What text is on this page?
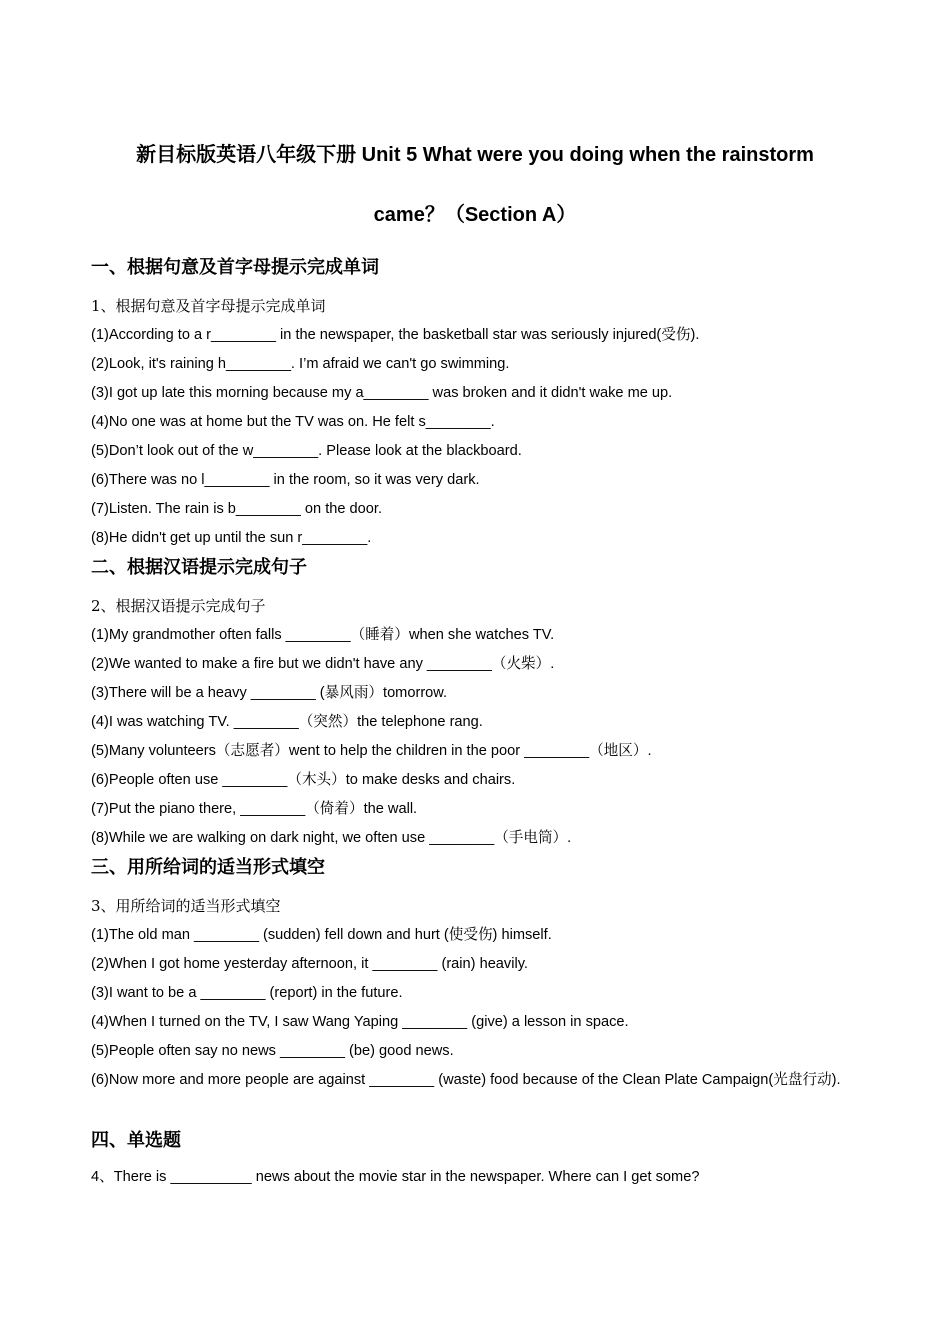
新目标版英语八年级下册 Unit 5 What were you doing when the rainstorm
came？（Section A）
一、根据句意及首字母提示完成单词
1、根据句意及首字母提示完成单词
(1)According to a r________ in the newspaper, the basketball star was seriously injured(受伤).
(2)Look, it's raining h________. I’m afraid we can't go swimming.
(3)I got up late this morning because my a________ was broken and it didn't wake me up.
(4)No one was at home but the TV was on. He felt s________.
(5)Don’t look out of the w________. Please look at the blackboard.
(6)There was no l________ in the room, so it was very dark.
(7)Listen. The rain is b________ on the door.
(8)He didn't get up until the sun r________.
二、根据汉语提示完成句子
2、根据汉语提示完成句子
(1)My grandmother often falls ________（睡着）when she watches TV.
(2)We wanted to make a fire but we didn't have any ________（火柴）.
(3)There will be a heavy ________ (暴风雨）tomorrow.
(4)I was watching TV. ________（突然）the telephone rang.
(5)Many volunteers（志愿者）went to help the children in the poor ________（地区）.
(6)People often use ________（木头）to make desks and chairs.
(7)Put the piano there, ________（倚着）the wall.
(8)While we are walking on dark night, we often use ________（手电筒）.
三、用所给词的适当形式填空
3、用所给词的适当形式填空
(1)The old man ________ (sudden) fell down and hurt (使受伤) himself.
(2)When I got home yesterday afternoon, it ________ (rain) heavily.
(3)I want to be a ________ (report) in the future.
(4)When I turned on the TV, I saw Wang Yaping ________ (give) a lesson in space.
(5)People often say no news ________ (be) good news.
(6)Now more and more people are against ________ (waste) food because of the Clean Plate Campaign(光盘行动).
四、单选题
4、There is __________ news about the movie star in the newspaper. Where can I get some?
